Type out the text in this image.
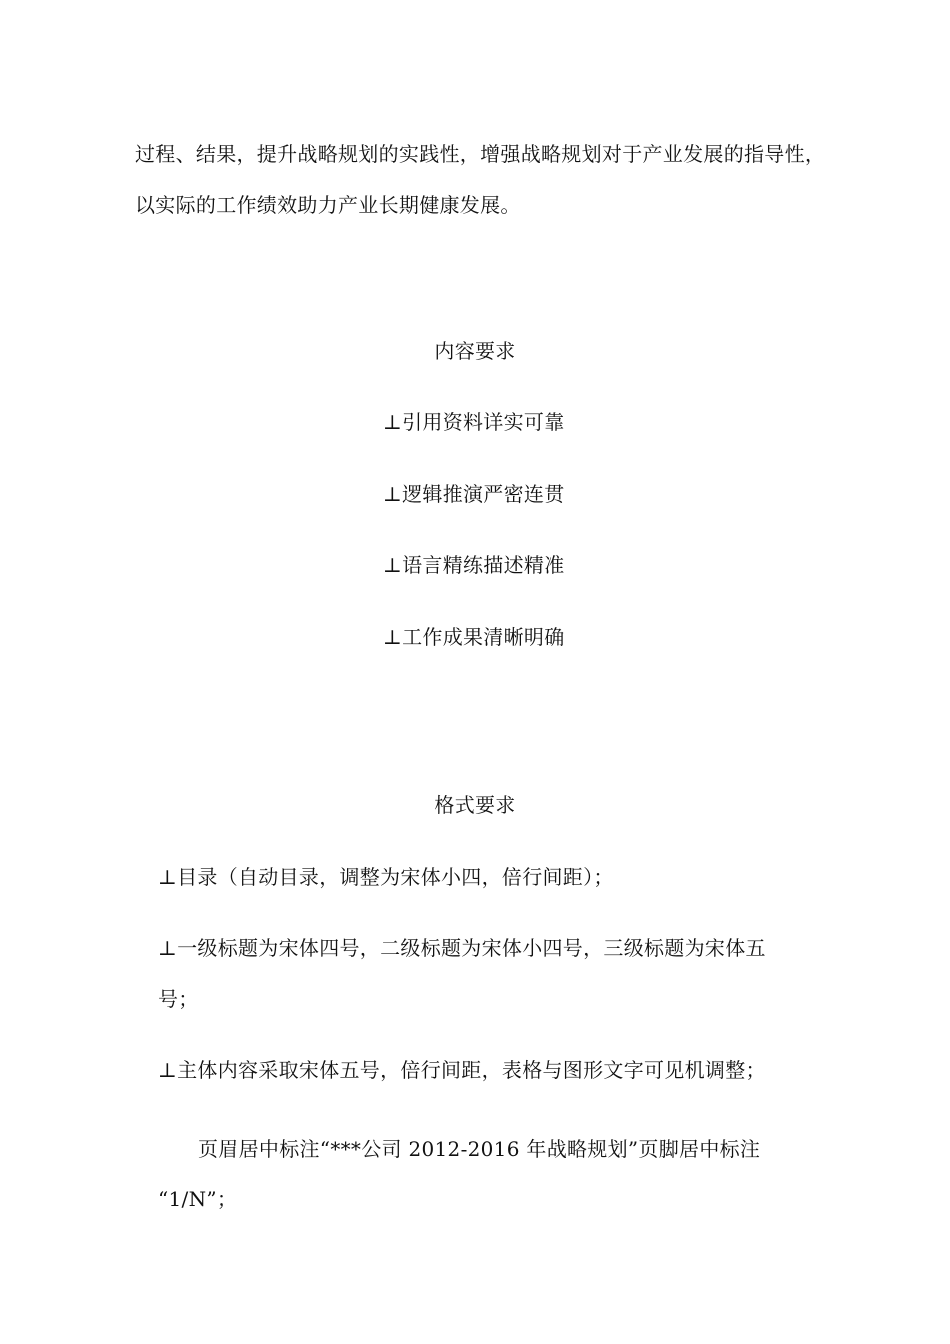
过程、结果，提升战略规划的实践性，增强战略规划对于产业发展的指导性，
以实际的工作绩效助力产业长期健康发展。
内容要求
⊥引用资料详实可靠
⊥逻辑推演严密连贯
⊥语言精练描述精准
⊥工作成果清晰明确
格式要求
⊥目录（自动目录，调整为宋体小四，倍行间距）；
⊥一级标题为宋体四号，二级标题为宋体小四号，三级标题为宋体五
号；
⊥主体内容采取宋体五号，倍行间距，表格与图形文字可见机调整；
页眉居中标注“***公司 2012-2016 年战略规划”页脚居中标注
“1/N”；
